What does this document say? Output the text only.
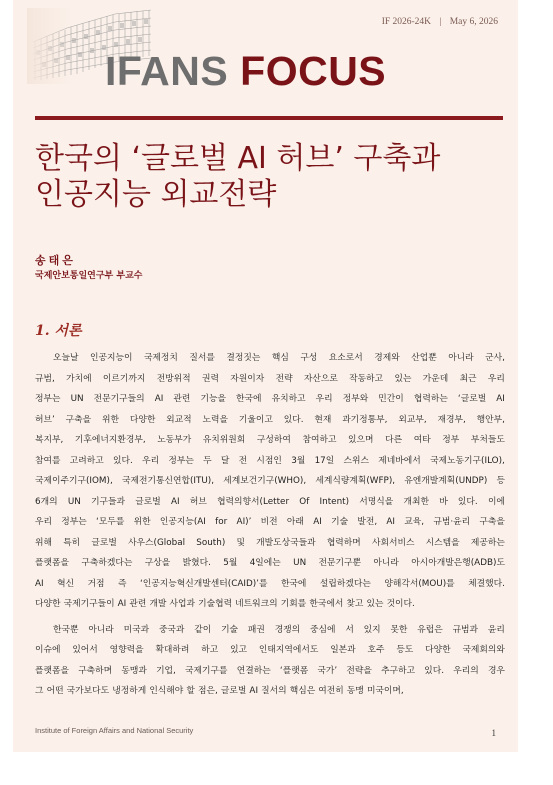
IF 2026-24K | May 6, 2026
IFANS FOCUS
한국의 ‘글로벌 AI 허브’ 구축과
인공지능 외교전략
송태은
국제안보통일연구부 부교수
1. 서론

오늘날 인공지능이 국제정치 질서를 결정짓는 핵심 구성 요소로서 경제와 산업뿐 아니라 군사,
규범, 가치에 이르기까지 전방위적 권력 자원이자 전략 자산으로 작동하고 있는 가운데 최근 우리
정부는 UN 전문기구들의 AI 관련 기능을 한국에 유치하고 우리 정부와 민간이 협력하는 ‘글로벌 AI
허브’ 구축을 위한 다양한 외교적 노력을 기울이고 있다. 현재 과기정통부, 외교부, 재경부, 행안부,
복지부, 기후에너지환경부, 노동부가 유치위원회 구성하여 참여하고 있으며 다른 여타 정부 부처들도
참여를 고려하고 있다. 우리 정부는 두 달 전 시점인 3월 17일 스위스 제네바에서 국제노동기구(ILO),
국제이주기구(IOM), 국제전기통신연합(ITU), 세계보건기구(WHO), 세계식량계획(WFP), 유엔개발계획(UNDP) 등
6개의 UN 기구들과 글로벌 AI 허브 협력의향서(Letter Of Intent) 서명식을 개최한 바 있다. 이에
우리 정부는 ‘모두를 위한 인공지능(AI for AI)’ 비전 아래 AI 기술 발전, AI 교육, 규범·윤리 구축을
위해 특히 글로벌 사우스(Global South) 및 개발도상국들과 협력하며 사회서비스 시스템을 제공하는
플랫폼을 구축하겠다는 구상을 밝혔다. 5월 4일에는 UN 전문기구뿐 아니라 아시아개발은행(ADB)도
AI 혁신 거점 즉 ‘인공지능혁신개발센터(CAID)’를 한국에 설립하겠다는 양해각서(MOU)를 체결했다.
다양한 국제기구들이 AI 관련 개발 사업과 기술협력 네트워크의 기회를 한국에서 찾고 있는 것이다.

한국뿐 아니라 미국과 중국과 같이 기술 패권 경쟁의 중심에 서 있지 못한 유럽은 규범과 윤리
이슈에 있어서 영향력을 확대하려 하고 있고 인태지역에서도 일본과 호주 등도 다양한 국제회의와
플랫폼을 구축하며 동맹과 기업, 국제기구를 연결하는 ‘플랫폼 국가’ 전략을 추구하고 있다. 우리의 경우
그 어떤 국가보다도 냉정하게 인식해야 할 점은, 글로벌 AI 질서의 핵심은 여전히 동맹 미국이며,

Institute of Foreign Affairs and National Security	1
